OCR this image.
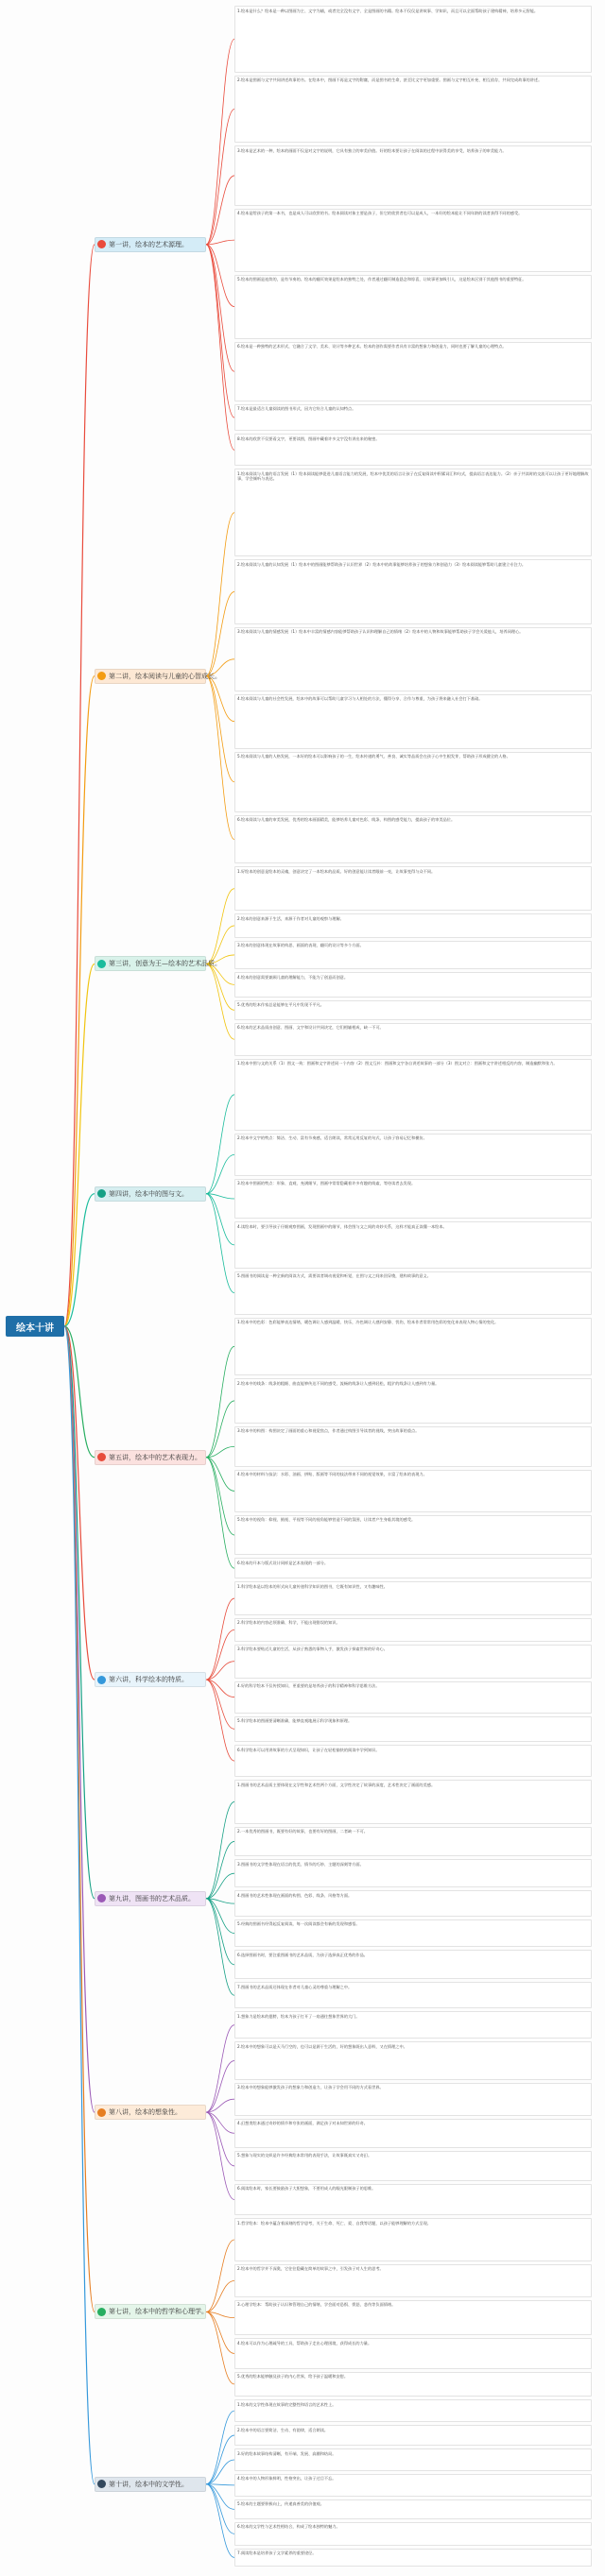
绘本十讲
1.绘本是什么？绘本是一种以图画为主、文字为辅，或者完全没有文字、全是图画的书籍。绘本不仅仅是讲故事、学知识，而且可以全面帮助孩子建构精神，培养多元智能。
2.绘本是图画与文字共同讲述故事的书。在绘本中，图画不再是文字的附庸，而是图书的生命，甚至比文字更加重要。图画与文字相互补充、相互依存，共同完成故事的讲述。
3.绘本是艺术的一种，绘本的画面不仅是对文字的说明，它具有独立的审美价值。好的绘本要让孩子在阅读的过程中获得美的享受，培养孩子的审美能力。
4.绘本是给孩子的第一本书，也是成人可以欣赏的书。绘本阅读对象主要是孩子，但它的欣赏者也可以是成人，一本好的绘本能让不同年龄的读者获得不同的感受。
5.绘本的图画是连续的，是有节奏的。绘本的翻页效果是绘本的独特之处，作者通过翻页制造悬念和惊喜，让故事更加吸引人，这是绘本区别于其他图书的重要特征。
6.绘本是一种独特的艺术形式，它融合了文学、美术、设计等多种艺术。绘本的创作需要作者具有丰富的想象力和创造力，同时也要了解儿童的心理特点。
7.绘本是最适合儿童阅读的图书形式，因为它符合儿童的认知特点。
8.绘本的欣赏不仅要看文字，更要读图，图画中藏着许多文字没有讲出来的秘密。
第一讲，绘本的艺术源理。
1.绘本阅读与儿童的语言发展（1）绘本阅读能够促进儿童语言能力的发展，绘本中优美的语言让孩子在反复阅读中积累词汇和句式，提高语言表达能力。（2）亲子共读时的交流可以让孩子更好地理解故事，学会倾听与表达。
2.绘本阅读与儿童的认知发展（1）绘本中的图画能够帮助孩子认识世界（2）绘本中的故事能够培养孩子的想象力和创造力（3）绘本阅读能够帮助儿童建立专注力。
3.绘本阅读与儿童的情感发展（1）绘本中丰富的情感内容能够帮助孩子认识和理解自己的情绪（2）绘本中的人物和故事能够帮助孩子学会关爱他人，培养同理心。
4.绘本阅读与儿童的社会性发展，绘本中的故事可以帮助儿童学习与人相处的方法，懂得分享、合作与尊重，为孩子将来融入社会打下基础。
5.绘本阅读与儿童的人格发展，一本好的绘本可以影响孩子的一生，绘本传递的勇气、善良、诚实等品质会在孩子心中生根发芽，帮助孩子形成健全的人格。
6.绘本阅读与儿童的审美发展，优秀的绘本画面精美，能够培养儿童对色彩、线条、构图的感受能力，提高孩子的审美品位。
第二讲，绘本阅读与儿童的心智成长。
1.好绘本的创意是绘本的灵魂，创意决定了一本绘本的品质。好的创意能让读者眼前一亮，让故事变得与众不同。
2.绘本的创意来源于生活，来源于作者对儿童的观察与理解。
3.绘本的创意体现在故事的构思、画面的表现、翻页的设计等多个方面。
4.绘本的创意需要兼顾儿童的理解能力，不能为了创意而创意。
5.优秀的绘本作家总是能够在平凡中发现不平凡。
6.绘本的艺术品质由创意、图画、文字和设计共同决定，它们相辅相成，缺一不可。
第三讲，创意为王—绘本的艺术品质。
1.绘本中图与文的关系（1）图文一致：图画和文字讲述同一个内容（2）图文互补：图画和文字各自讲述故事的一部分（3）图文对立：图画和文字讲述相反的内容，制造幽默和张力。
2.绘本中文字的特点：简洁、生动、富有节奏感，适合朗读，常常运用反复的句式，让孩子容易记忆和模仿。
3.绘本中图画的特点：形象、直观、充满细节，图画中常常隐藏着许多有趣的线索，等待读者去发现。
4.读绘本时，要引导孩子仔细观察图画，发现图画中的细节，体会图与文之间的奇妙关系，这样才能真正读懂一本绘本。
5.图画书的阅读是一种全新的阅读方式，需要读者调动视觉和听觉，在图与文之间来回穿梭，建构故事的意义。
第四讲，绘本中的图与文。
1.绘本中的色彩：色彩能够表达情绪，暖色调让人感到温暖、快乐，冷色调让人感到安静、忧伤，绘本作者常常用色彩的变化来表现人物心情的变化。
2.绘本中的线条：线条的粗细、曲直能够传达不同的感受，流畅的线条让人感到轻松，粗犷的线条让人感到有力量。
3.绘本中的构图：构图决定了画面的重心和视觉焦点，作者通过构图引导读者的视线，突出故事的重点。
4.绘本中的材料与技法：水彩、油画、拼贴、版画等不同的技法带来不同的视觉效果，丰富了绘本的表现力。
5.绘本中的视角：仰视、俯视、平视等不同的视角能够营造不同的氛围，让读者产生身临其境的感受。
6.绘本的开本与版式设计同样是艺术表现的一部分。
第五讲，绘本中的艺术表现力。
1.科学绘本是以绘本的形式向儿童传递科学知识的图书，它既有知识性，又有趣味性。
2.科学绘本的内容必须准确、科学，不能出现错误的知识。
3.科学绘本要贴近儿童的生活，从孩子熟悉的事物入手，激发孩子探索世界的好奇心。
4.好的科学绘本不仅传授知识，更重要的是培养孩子的科学精神和科学思维方法。
5.科学绘本的图画要清晰准确，能够直观地展示科学现象和原理。
6.科学绘本可以用讲故事的方式呈现知识，让孩子在轻松愉快的阅读中学到知识。
第六讲，科学绘本的特质。
1.图画书的艺术品质主要体现在文学性和艺术性两个方面，文学性决定了故事的深度，艺术性决定了画面的美感。
2.一本优秀的图画书，既要有好的故事，也要有好的图画，二者缺一不可。
3.图画书的文学性体现在语言的优美、情节的巧妙、主题的深刻等方面。
4.图画书的艺术性体现在画面的构图、色彩、线条、风格等方面。
5.经典的图画书经得起反复阅读，每一次阅读都会有新的发现和感悟。
6.选择图画书时，要注重图画书的艺术品质，为孩子选择真正优秀的作品。
7.图画书的艺术品质还体现在作者对儿童心灵的尊重与理解之中。
第九讲，图画书的艺术品质。
1.想象力是绘本的翅膀，绘本为孩子打开了一扇通往想象世界的大门。
2.绘本中的想象可以是天马行空的，也可以是源于生活的，好的想象既出人意料，又在情理之中。
3.绘本中的想象能够激发孩子的想象力和创造力，让孩子学会用不同的方式看世界。
4.幻想类绘本通过奇妙的情节和夸张的画面，满足孩子对未知世界的好奇。
5.想象与现实的交织是许多经典绘本常用的表现手法，让故事既真实又奇幻。
6.阅读绘本时，家长要鼓励孩子大胆想象，不要用成人的眼光限制孩子的思维。
第八讲，绘本的想象性。
1.哲学绘本：绘本中蕴含着深刻的哲学思考，关于生命、死亡、爱、自我等话题，以孩子能够理解的方式呈现。
2.绘本中的哲学并不深奥，它往往隐藏在简单的故事之中，引发孩子对人生的思考。
3.心理学绘本：帮助孩子认识和管理自己的情绪，学会面对恐惧、愤怒、悲伤等负面情绪。
4.绘本可以作为心理疏导的工具，帮助孩子走出心理困境，获得成长的力量。
5.优秀的绘本能够触及孩子的内心世界，给予孩子温暖和安慰。
第七讲，绘本中的哲学和心理学。
1.绘本的文学性体现在故事的完整性和语言的艺术性上。
2.绘本中的语言要简洁、生动、有韵律，适合朗读。
3.好的绘本故事结构清晰，有开端、发展、高潮和结局。
4.绘本中的人物形象鲜明，性格突出，让孩子过目不忘。
5.绘本的主题要积极向上，传递真善美的价值观。
6.绘本的文学性与艺术性相结合，构成了绘本独特的魅力。
7.阅读绘本是培养孩子文学素养的重要途径。
第十讲，绘本中的文学性。
